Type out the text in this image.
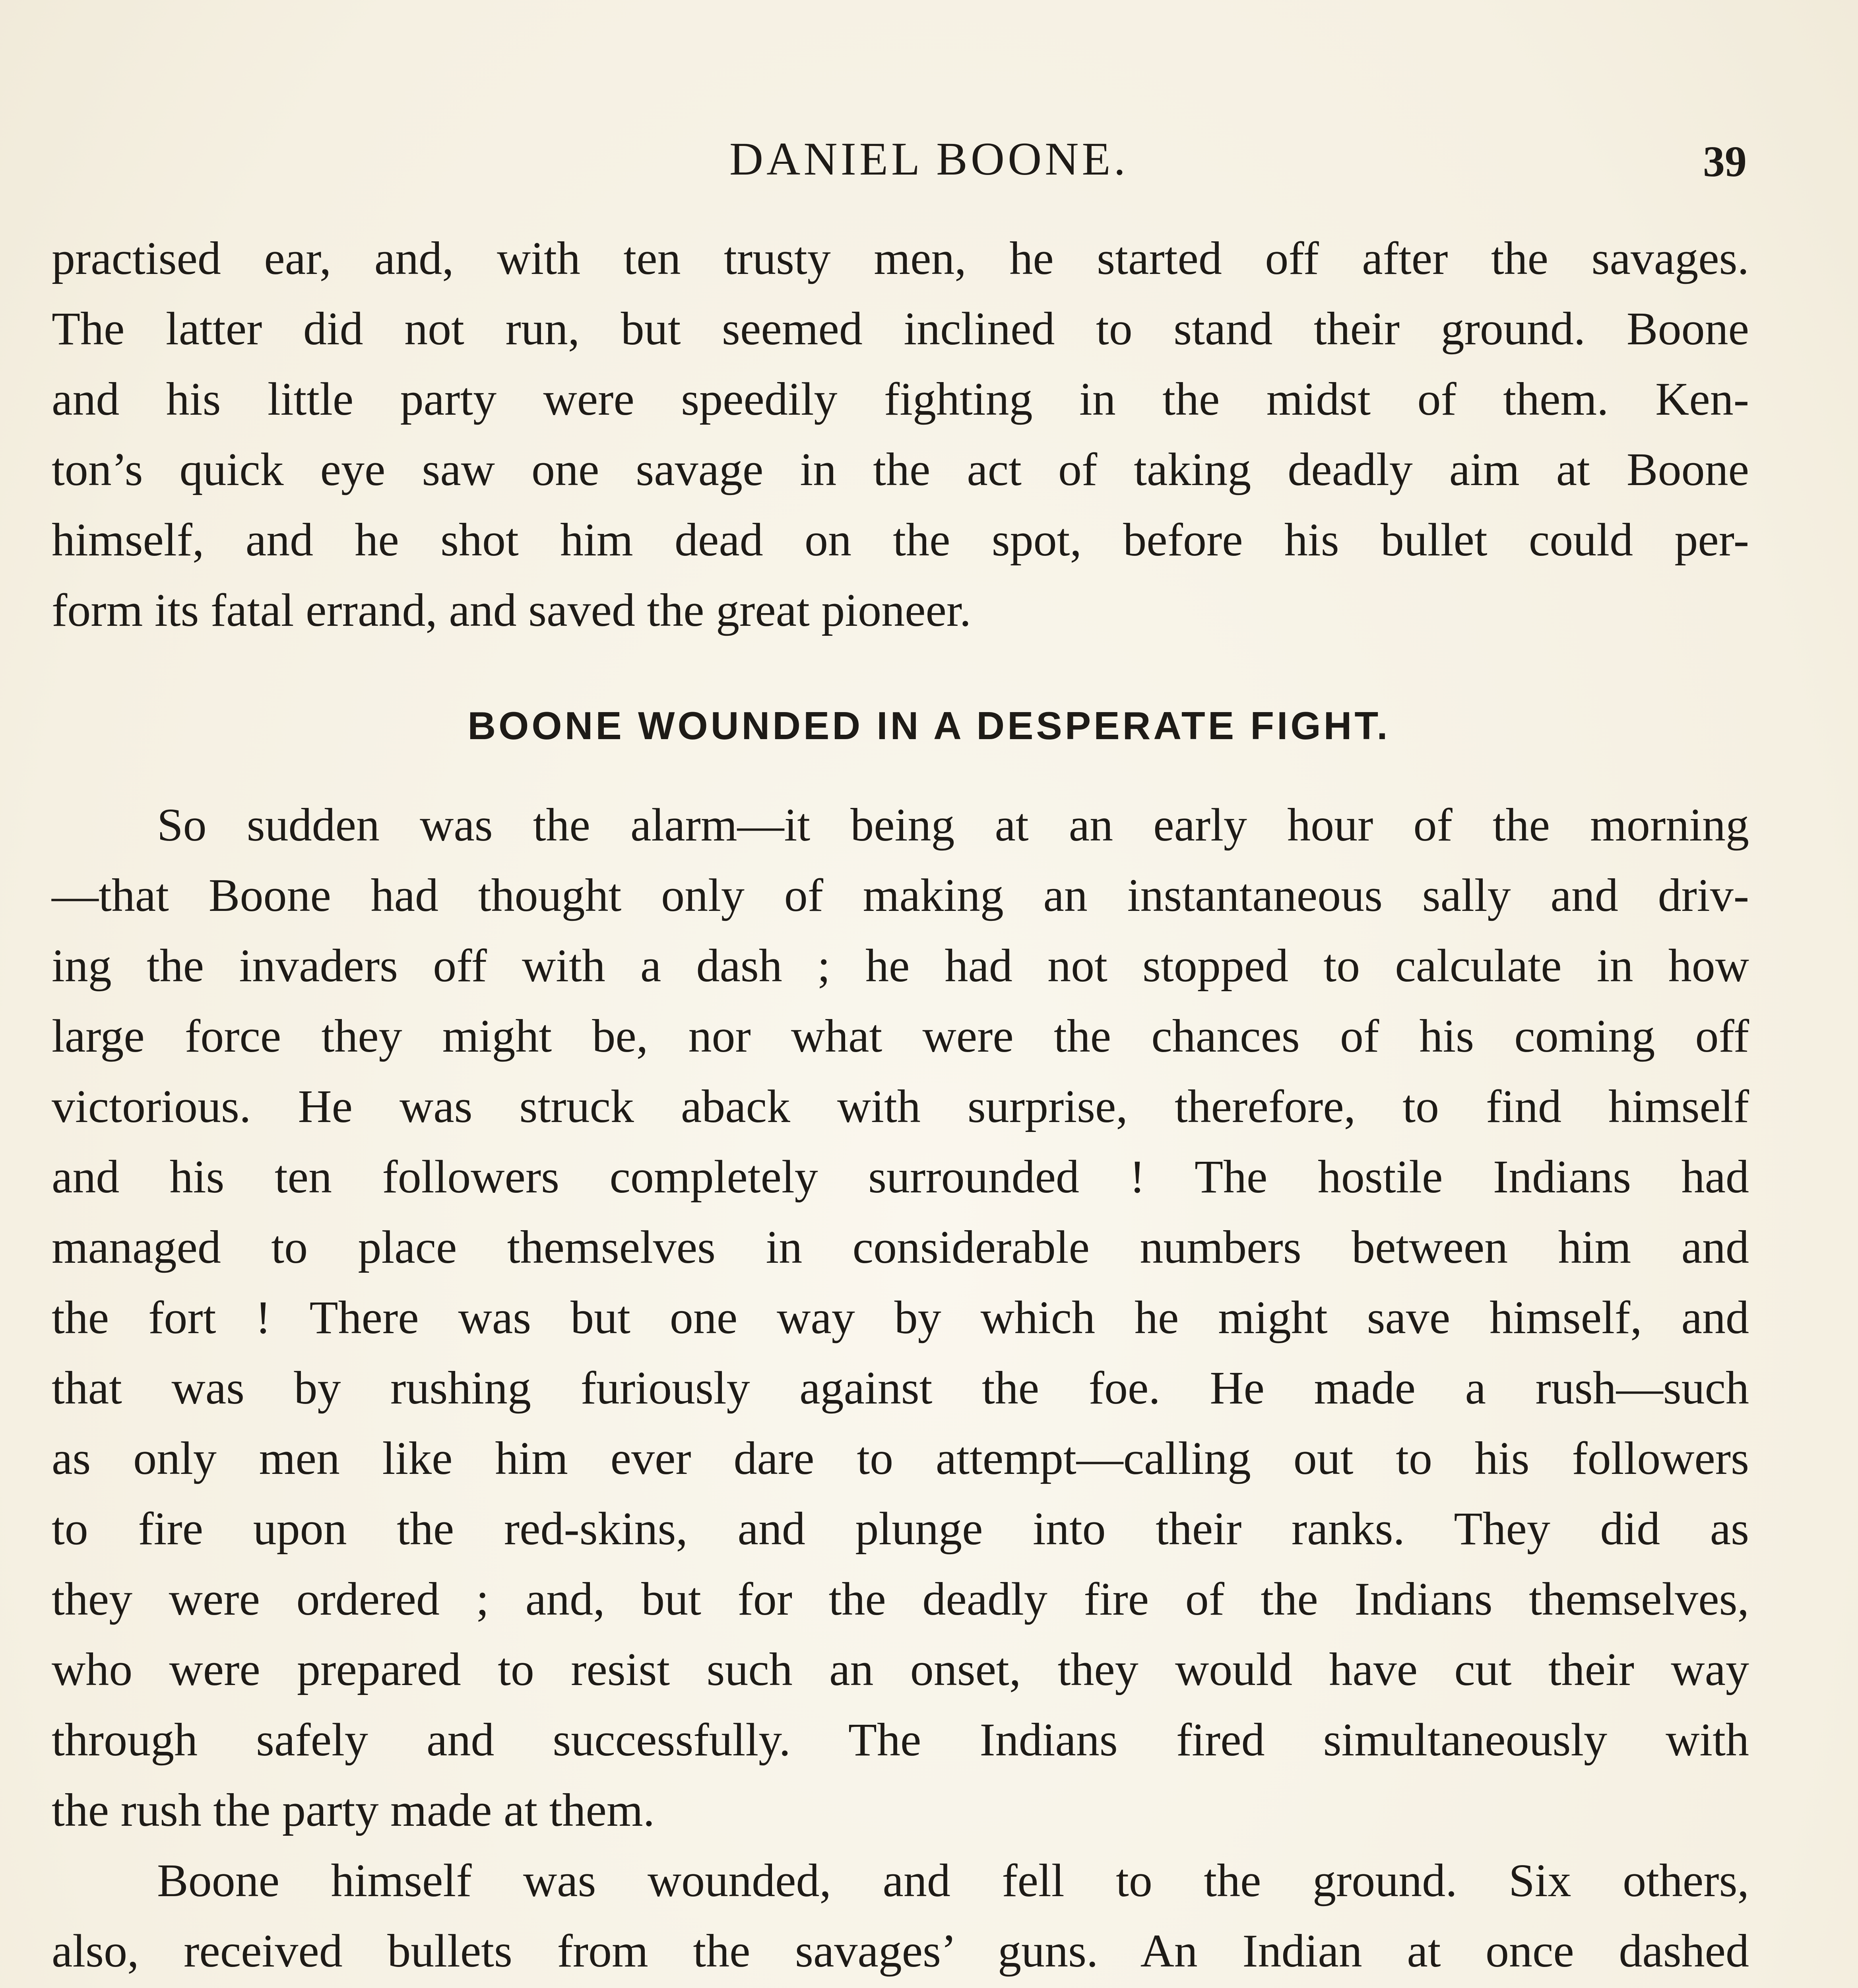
DANIEL BOONE.	39
practised ear, and, with ten trusty men, he started off after the savages.
The latter did not run, but seemed inclined to stand their ground. Boone
and his little party were speedily fighting in the midst of them. Ken-
ton’s quick eye saw one savage in the act of taking deadly aim at Boone
himself, and he shot him dead on the spot, before his bullet could per-
form its fatal errand, and saved the great pioneer.
BOONE WOUNDED IN A DESPERATE FIGHT.
So sudden was the alarm—it being at an early hour of the morning
—that Boone had thought only of making an instantaneous sally and driv-
ing the invaders off with a dash ; he had not stopped to calculate in how
large force they might be, nor what were the chances of his coming off
victorious. He was struck aback with surprise, therefore, to find himself
and his ten followers completely surrounded ! The hostile Indians had
managed to place themselves in considerable numbers between him and
the fort ! There was but one way by which he might save himself, and
that was by rushing furiously against the foe. He made a rush—such
as only men like him ever dare to attempt—calling out to his followers
to fire upon the red-skins, and plunge into their ranks. They did as
they were ordered ; and, but for the deadly fire of the Indians themselves,
who were prepared to resist such an onset, they would have cut their way
through safely and successfully. The Indians fired simultaneously with
the rush the party made at them.
Boone himself was wounded, and fell to the ground. Six others,
also, received bullets from the savages’ guns. An Indian at once dashed
